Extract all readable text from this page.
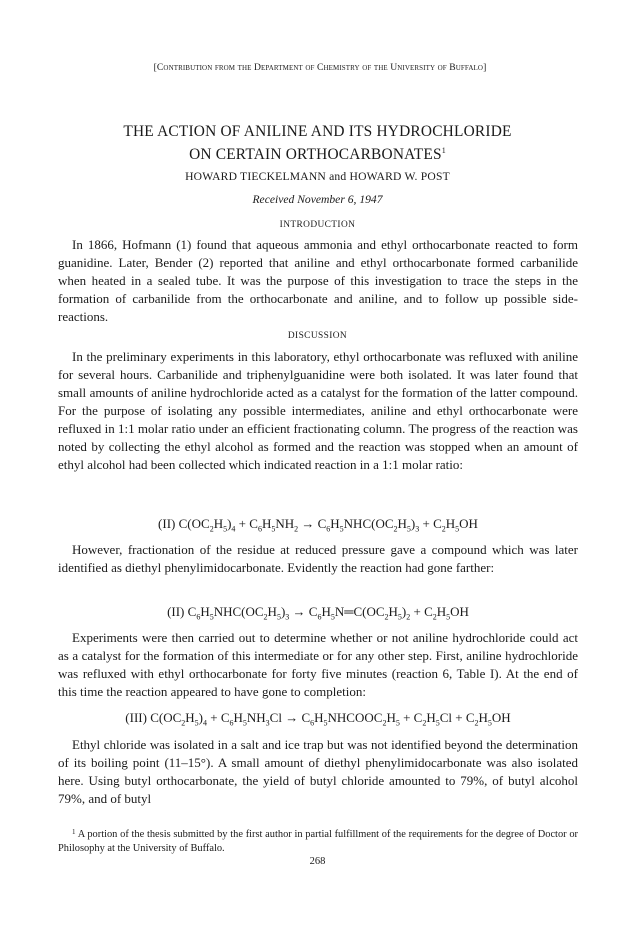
[Contribution from the Department of Chemistry of the University of Buffalo]
THE ACTION OF ANILINE AND ITS HYDROCHLORIDE
ON CERTAIN ORTHOCARBONATES$^1$
HOWARD TIECKELMANN and HOWARD W. POST
Received November 6, 1947
INTRODUCTION
In 1866, Hofmann (1) found that aqueous ammonia and ethyl orthocarbonate reacted to form guanidine. Later, Bender (2) reported that aniline and ethyl orthocarbonate formed carbanilide when heated in a sealed tube. It was the purpose of this investigation to trace the steps in the formation of carbanilide from the orthocarbonate and aniline, and to follow up possible side-reactions.
DISCUSSION
In the preliminary experiments in this laboratory, ethyl orthocarbonate was refluxed with aniline for several hours. Carbanilide and triphenylguanidine were both isolated. It was later found that small amounts of aniline hydrochloride acted as a catalyst for the formation of the latter compound. For the purpose of isolating any possible intermediates, aniline and ethyl orthocarbonate were refluxed in 1:1 molar ratio under an efficient fractionating column. The progress of the reaction was noted by collecting the ethyl alcohol as formed and the reaction was stopped when an amount of ethyl alcohol had been collected which indicated reaction in a 1:1 molar ratio:
(II) $C(OC_2H_5)_4 + C_6H_5NH_2 \to C_6H_5NHC(OC_2H_5)_3 + C_2H_5OH$
However, fractionation of the residue at reduced pressure gave a compound which was later identified as diethyl phenylimidocarbonate. Evidently the reaction had gone farther:
(II) $C_6H_5NHC(OC_2H_5)_3$ → $C_6H_5N═C(OC_2H_5)_2 + C_2H_5OH$
Experiments were then carried out to determine whether or not aniline hydrochloride could act as a catalyst for the formation of this intermediate or for any other step. First, aniline hydrochloride was refluxed with ethyl orthocarbonate for forty five minutes (reaction 6, Table I). At the end of this time the reaction appeared to have gone to completion:
(III) $C(OC_2H_5)_4 + C_6H_5NH_3Cl$ → $C_6H_5NHCOOC_2H_5 + C_2H_5Cl + C_2H_5OH$
Ethyl chloride was isolated in a salt and ice trap but was not identified beyond the determination of its boiling point (11–15°). A small amount of diethyl phenylimidocarbonate was also isolated here. Using butyl orthocarbonate, the yield of butyl chloride amounted to 79%, of butyl alcohol 79%, and of butyl
$^1$ A portion of the thesis submitted by the first author in partial fulfillment of the requirements for the degree of Doctor or Philosophy at the University of Buffalo.
268
